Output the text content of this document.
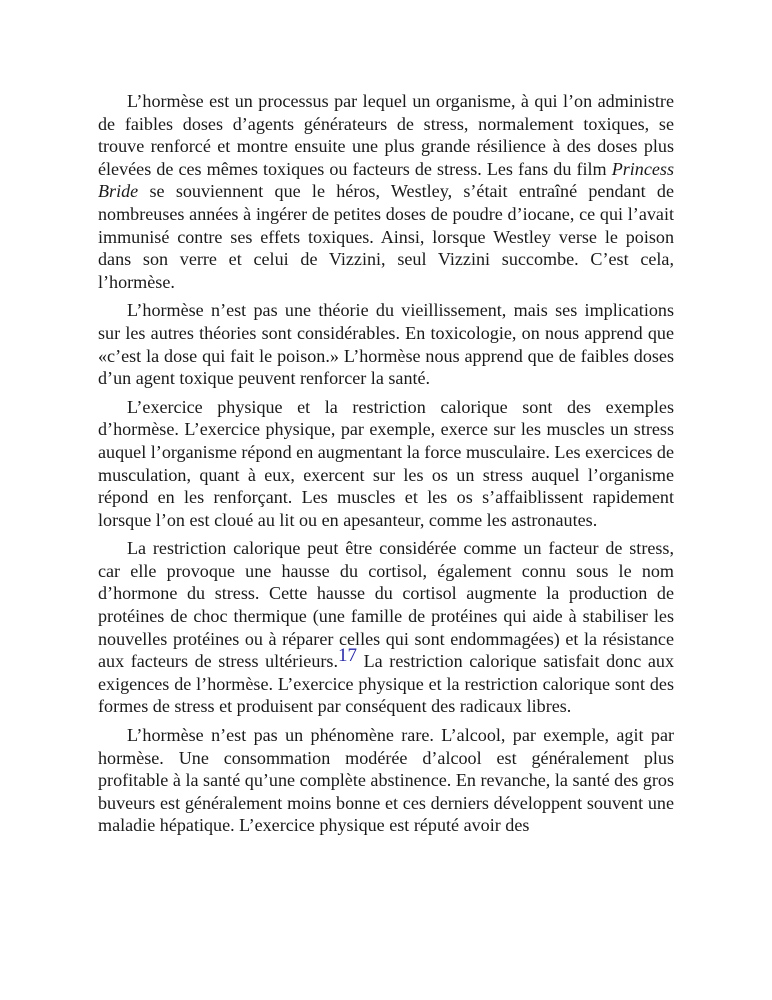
L’hormèse est un processus par lequel un organisme, à qui l’on administre de faibles doses d’agents générateurs de stress, normalement toxiques, se trouve renforcé et montre ensuite une plus grande résilience à des doses plus élevées de ces mêmes toxiques ou facteurs de stress. Les fans du film Princess Bride se souviennent que le héros, Westley, s’était entraîné pendant de nombreuses années à ingérer de petites doses de poudre d’iocane, ce qui l’avait immunisé contre ses effets toxiques. Ainsi, lorsque Westley verse le poison dans son verre et celui de Vizzini, seul Vizzini succombe. C’est cela, l’hormèse.

L’hormèse n’est pas une théorie du vieillissement, mais ses implications sur les autres théories sont considérables. En toxicologie, on nous apprend que «c’est la dose qui fait le poison.» L’hormèse nous apprend que de faibles doses d’un agent toxique peuvent renforcer la santé.

L’exercice physique et la restriction calorique sont des exemples d’hormèse. L’exercice physique, par exemple, exerce sur les muscles un stress auquel l’organisme répond en augmentant la force musculaire. Les exercices de musculation, quant à eux, exercent sur les os un stress auquel l’organisme répond en les renforçant. Les muscles et les os s’affaiblissent rapidement lorsque l’on est cloué au lit ou en apesanteur, comme les astronautes.

La restriction calorique peut être considérée comme un facteur de stress, car elle provoque une hausse du cortisol, également connu sous le nom d’hormone du stress. Cette hausse du cortisol augmente la production de protéines de choc thermique (une famille de protéines qui aide à stabiliser les nouvelles protéines ou à réparer celles qui sont endommagées) et la résistance aux facteurs de stress ultérieurs.17 La restriction calorique satisfait donc aux exigences de l’hormèse. L’exercice physique et la restriction calorique sont des formes de stress et produisent par conséquent des radicaux libres.

L’hormèse n’est pas un phénomène rare. L’alcool, par exemple, agit par hormèse. Une consommation modérée d’alcool est généralement plus profitable à la santé qu’une complète abstinence. En revanche, la santé des gros buveurs est généralement moins bonne et ces derniers développent souvent une maladie hépatique. L’exercice physique est réputé avoir des
